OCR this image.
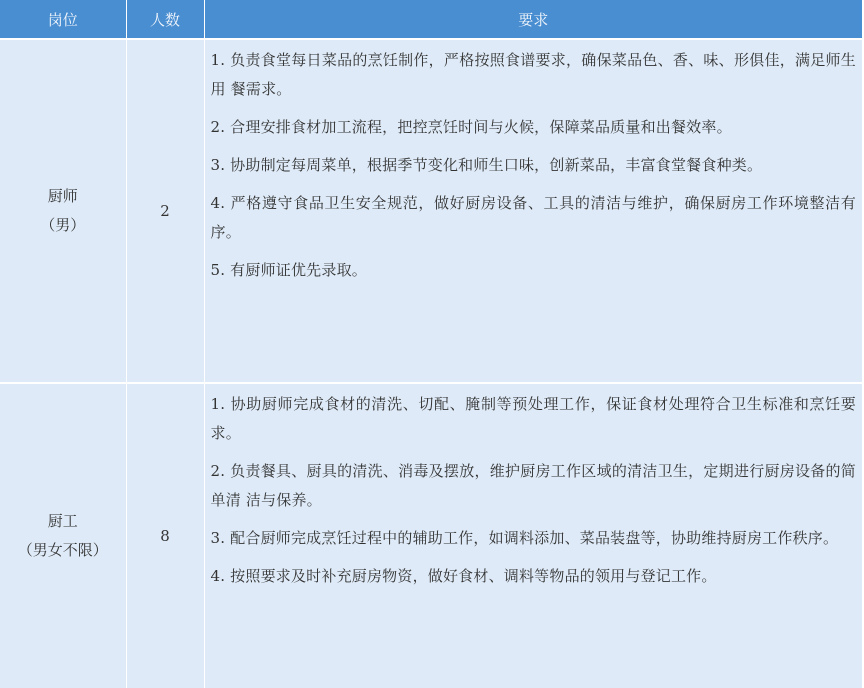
岗位	人数	要求

厨师
（男）	2	1. 负责食堂每日菜品的烹饪制作，严格按照食谱要求，确保菜品色、香、味、形俱佳，满足师生用 餐需求。
2. 合理安排食材加工流程，把控烹饪时间与火候，保障菜品质量和出餐效率。
3. 协助制定每周菜单，根据季节变化和师生口味，创新菜品，丰富食堂餐食种类。
4. 严格遵守食品卫生安全规范，做好厨房设备、工具的清洁与维护，确保厨房工作环境整洁有序。
5. 有厨师证优先录取。

厨工
（男女不限）	8	1. 协助厨师完成食材的清洗、切配、腌制等预处理工作，保证食材处理符合卫生标准和烹饪要求。
2. 负责餐具、厨具的清洗、消毒及摆放，维护厨房工作区域的清洁卫生，定期进行厨房设备的简单清 洁与保养。
3. 配合厨师完成烹饪过程中的辅助工作，如调料添加、菜品装盘等，协助维持厨房工作秩序。
4. 按照要求及时补充厨房物资，做好食材、调料等物品的领用与登记工作。
